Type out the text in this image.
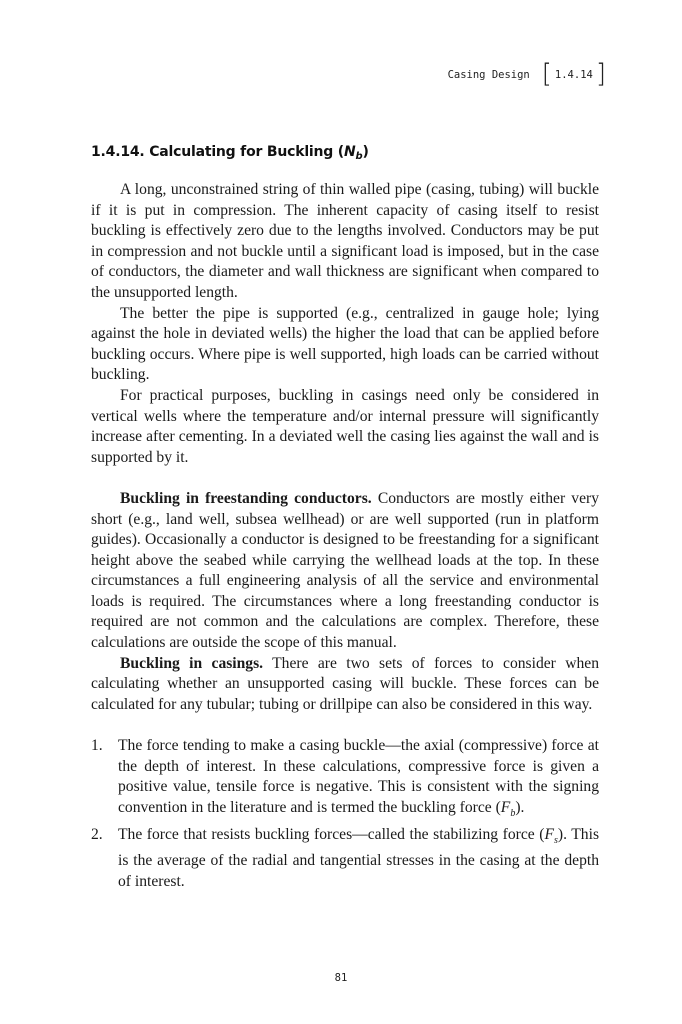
Casing Design [ 1.4.14 ]
1.4.14. Calculating for Buckling $(N_b)$

A long, unconstrained string of thin walled pipe (casing, tubing) will buckle if it is put in compression. The inherent capacity of casing itself to resist buckling is effectively zero due to the lengths involved. Conductors may be put in compression and not buckle until a significant load is imposed, but in the case of conductors, the diameter and wall thickness are significant when compared to the unsupported length.

The better the pipe is supported (e.g., centralized in gauge hole; lying against the hole in deviated wells) the higher the load that can be applied before buckling occurs. Where pipe is well supported, high loads can be carried without buckling.

For practical purposes, buckling in casings need only be considered in vertical wells where the temperature and/or internal pressure will significantly increase after cementing. In a deviated well the casing lies against the wall and is supported by it.

Buckling in freestanding conductors. Conductors are mostly either very short (e.g., land well, subsea wellhead) or are well supported (run in platform guides). Occasionally a conductor is designed to be freestanding for a significant height above the seabed while carrying the wellhead loads at the top. In these circumstances a full engineering analysis of all the service and environmental loads is required. The circumstances where a long freestanding conductor is required are not common and the calculations are complex. Therefore, these calculations are outside the scope of this manual.

Buckling in casings. There are two sets of forces to consider when calculating whether an unsupported casing will buckle. These forces can be calculated for any tubular; tubing or drillpipe can also be considered in this way.

1. The force tending to make a casing buckle—the axial (compressive) force at the depth of interest. In these calculations, compressive force is given a positive value, tensile force is negative. This is consistent with the signing convention in the literature and is termed the buckling force $(F_b)$.
2. The force that resists buckling forces—called the stabilizing force $(F_s)$. This is the average of the radial and tangential stresses in the casing at the depth of interest.
81
